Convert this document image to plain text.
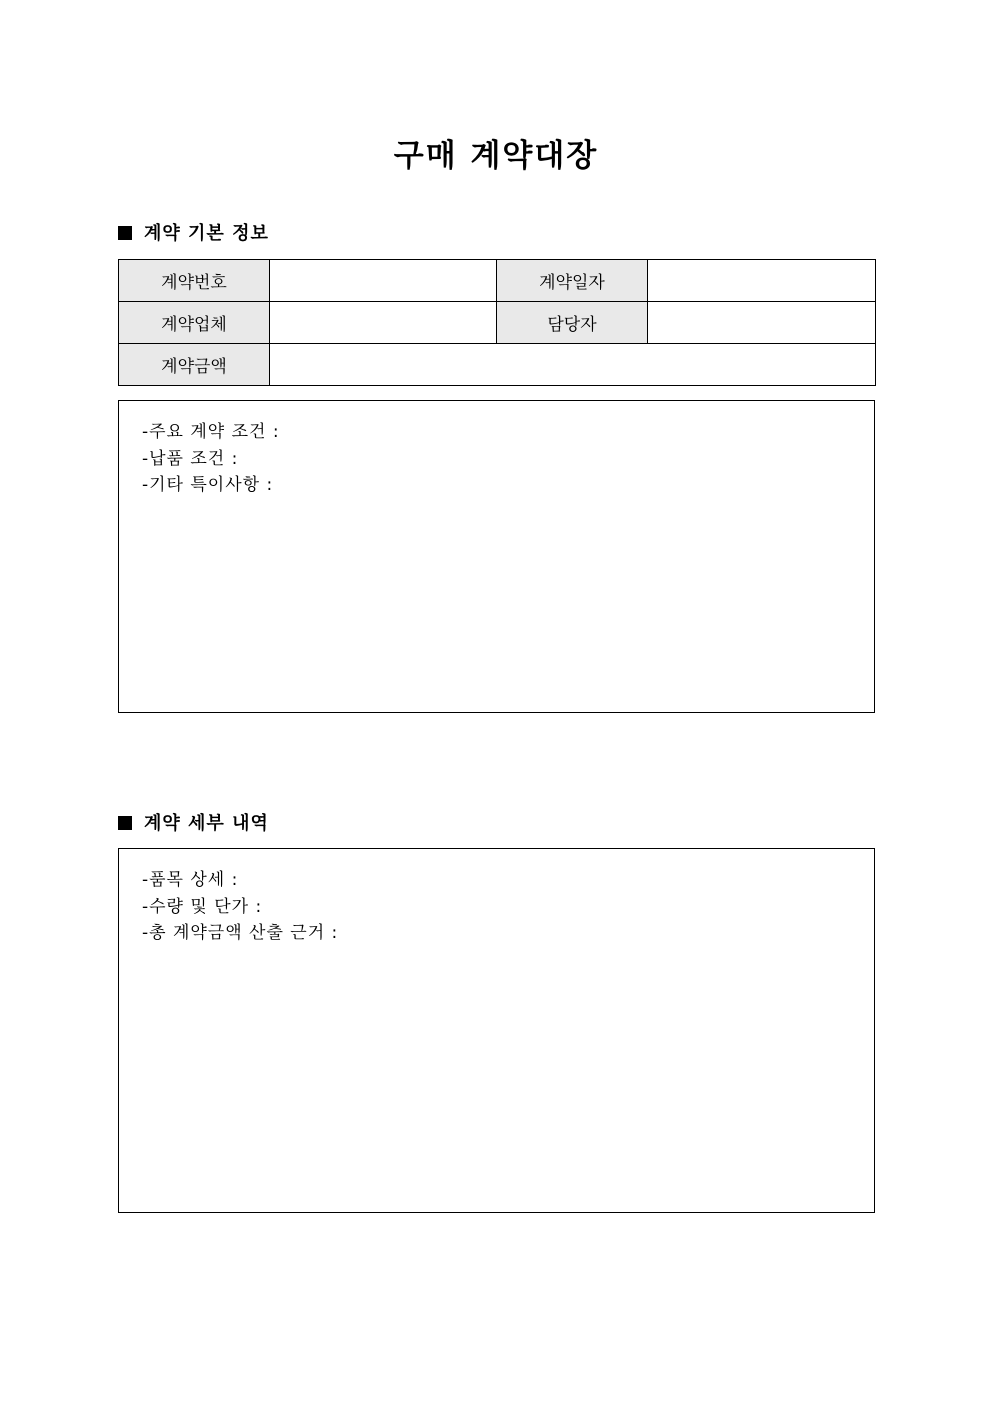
구매 계약대장
계약 기본 정보
계약번호		계약일자	
계약업체		담당자	
계약금액			
-주요 계약 조건 :
-납품 조건 :
-기타 특이사항 :
계약 세부 내역
-품목 상세 :
-수량 및 단가 :
-총 계약금액 산출 근거 :
